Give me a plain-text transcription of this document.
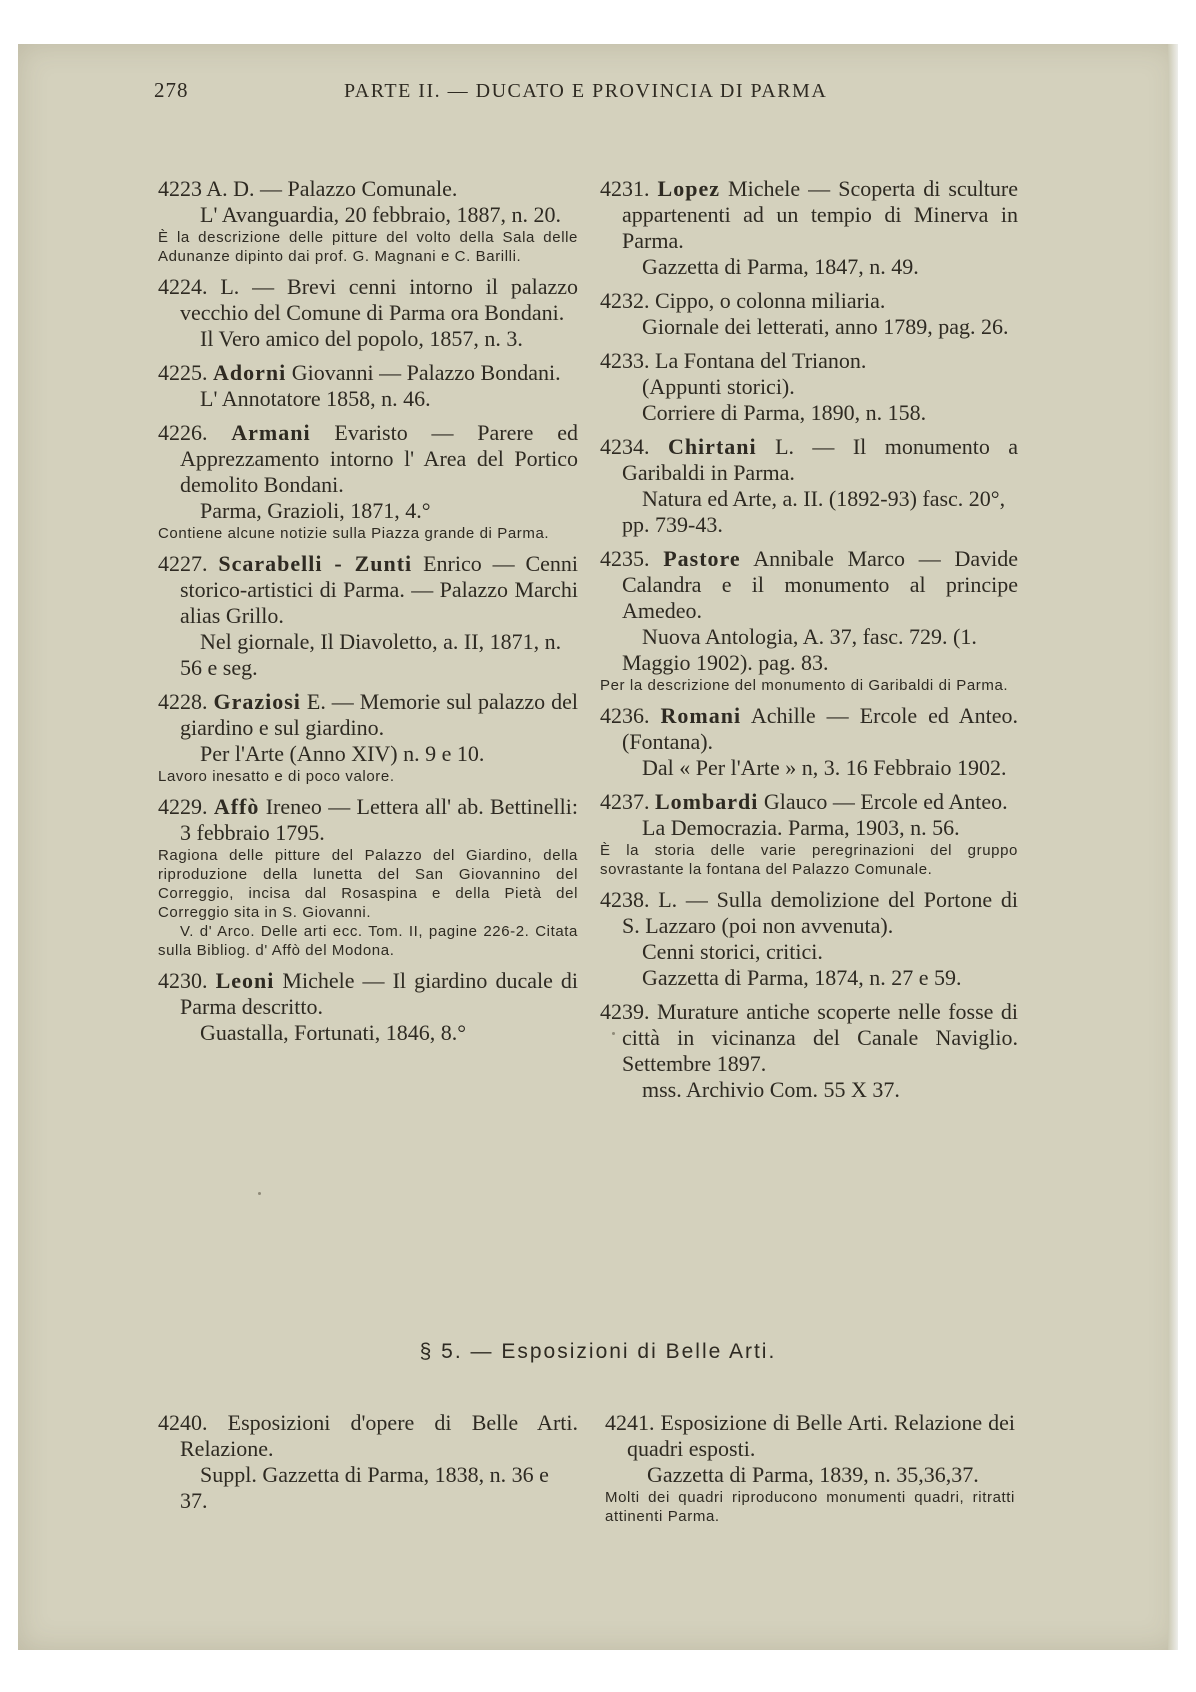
278	PARTE II. — DUCATO E PROVINCIA DI PARMA

4223 A. D. — Palazzo Comunale.

L' Avanguardia, 20 febbraio, 1887, n. 20.

È la descrizione delle pitture del volto della Sala delle Adunanze dipinto dai prof. G. Magnani e C. Barilli.

4224. L. — Brevi cenni intorno il palazzo vecchio del Comune di Parma ora Bondani.

Il Vero amico del popolo, 1857, n. 3.

4225. Adorni Giovanni — Palazzo Bondani.

L' Annotatore 1858, n. 46.

4226. Armani Evaristo — Parere ed Apprezzamento intorno l' Area del Portico demolito Bondani.

Parma, Grazioli, 1871, 4.°

Contiene alcune notizie sulla Piazza grande di Parma.

4227. Scarabelli - Zunti Enrico — Cenni storico-artistici di Parma. — Palazzo Marchi alias Grillo.

Nel giornale, Il Diavoletto, a. II, 1871, n. 56 e seg.

4228. Graziosi E. — Memorie sul palazzo del giardino e sul giardino.

Per l'Arte (Anno XIV) n. 9 e 10.

Lavoro inesatto e di poco valore.

4229. Affò Ireneo — Lettera all' ab. Bettinelli: 3 febbraio 1795.

Ragiona delle pitture del Palazzo del Giardino, della riproduzione della lunetta del San Giovannino del Correggio, incisa dal Rosaspina e della Pietà del Correggio sita in S. Giovanni.

V. d' Arco. Delle arti ecc. Tom. II, pagine 226-2. Citata sulla Bibliog. d' Affò del Modona.

4230. Leoni Michele — Il giardino ducale di Parma descritto.

Guastalla, Fortunati, 1846, 8.°

4231. Lopez Michele — Scoperta di sculture appartenenti ad un tempio di Minerva in Parma.

Gazzetta di Parma, 1847, n. 49.

4232. Cippo, o colonna miliaria.

Giornale dei letterati, anno 1789, pag. 26.

4233. La Fontana del Trianon.

(Appunti storici).

Corriere di Parma, 1890, n. 158.

4234. Chirtani L. — Il monumento a Garibaldi in Parma.

Natura ed Arte, a. II. (1892-93) fasc. 20°, pp. 739-43.

4235. Pastore Annibale Marco — Davide Calandra e il monumento al principe Amedeo.

Nuova Antologia, A. 37, fasc. 729. (1. Maggio 1902). pag. 83.

Per la descrizione del monumento di Garibaldi di Parma.

4236. Romani Achille — Ercole ed Anteo. (Fontana).

Dal « Per l'Arte » n, 3. 16 Febbraio 1902.

4237. Lombardi Glauco — Ercole ed Anteo.

La Democrazia. Parma, 1903, n. 56.

È la storia delle varie peregrinazioni del gruppo sovrastante la fontana del Palazzo Comunale.

4238. L. — Sulla demolizione del Portone di S. Lazzaro (poi non avvenuta).

Cenni storici, critici.

Gazzetta di Parma, 1874, n. 27 e 59.

4239. Murature antiche scoperte nelle fosse di città in vicinanza del Canale Naviglio. Settembre 1897.

mss. Archivio Com. 55 X 37.

§ 5. — Esposizioni di Belle Arti.

4240. Esposizioni d'opere di Belle Arti. Relazione.

Suppl. Gazzetta di Parma, 1838, n. 36 e 37.

4241. Esposizione di Belle Arti. Relazione dei quadri esposti.

Gazzetta di Parma, 1839, n. 35,36,37.

Molti dei quadri riproducono monumenti quadri, ritratti attinenti Parma.
